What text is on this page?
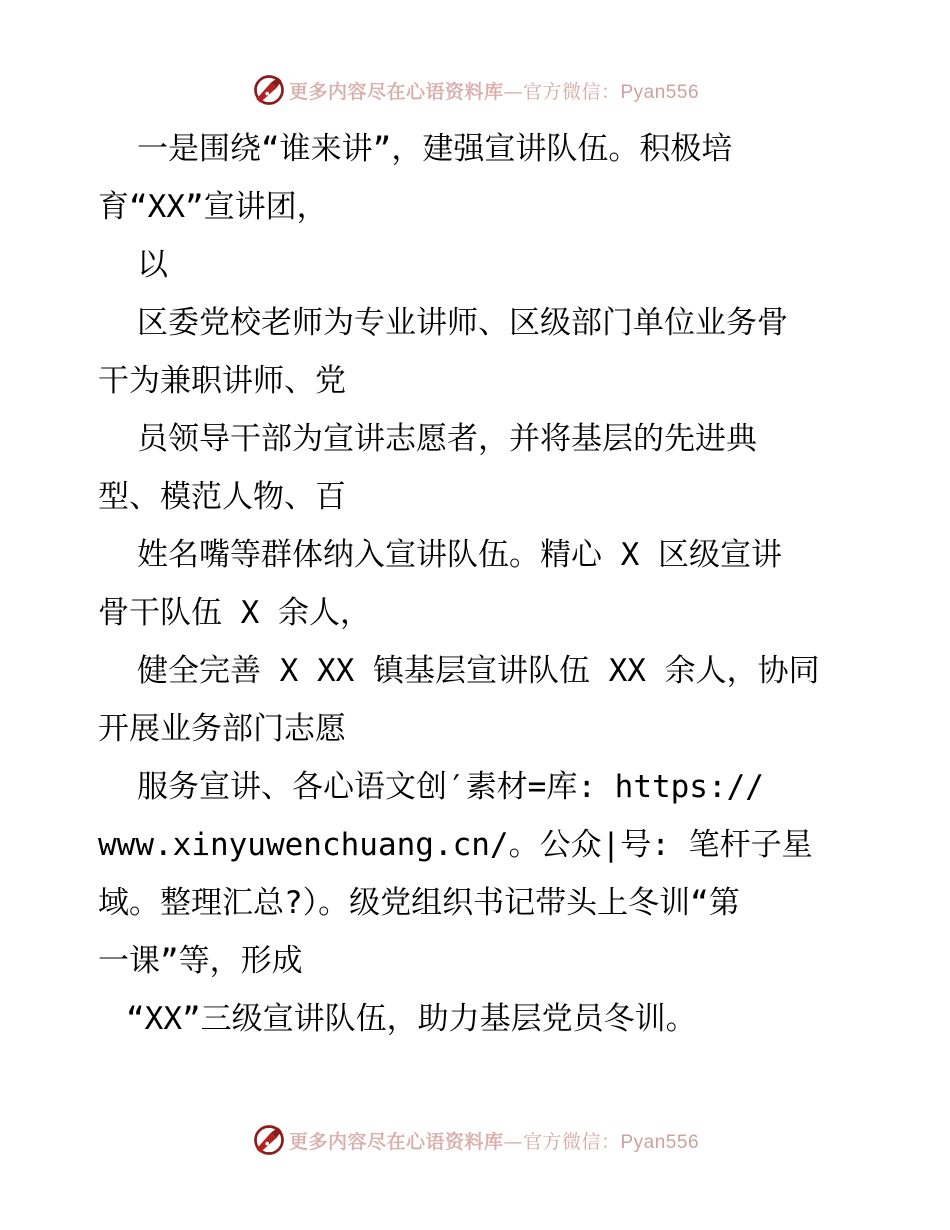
更多内容尽在心语资料库—官方微信：Pyan556
一是围绕“谁来讲”，建强宣讲队伍。积极培
育“XX”宣讲团，
以
区委党校老师为专业讲师、区级部门单位业务骨
干为兼职讲师、党
员领导干部为宣讲志愿者，并将基层的先进典
型、模范人物、百
姓名嘴等群体纳入宣讲队伍。精心 X 区级宣讲
骨干队伍 X 余人，
健全完善 X XX 镇基层宣讲队伍 XX 余人，协同
开展业务部门志愿
服务宣讲、各心语文创′素材=库: https://
www.xinyuwenchuang.cn/。公众|号: 笔杆子星
域。整理汇总?）。级党组织书记带头上冬训“第
一课”等，形成
“XX”三级宣讲队伍，助力基层党员冬训。
更多内容尽在心语资料库—官方微信：Pyan556
